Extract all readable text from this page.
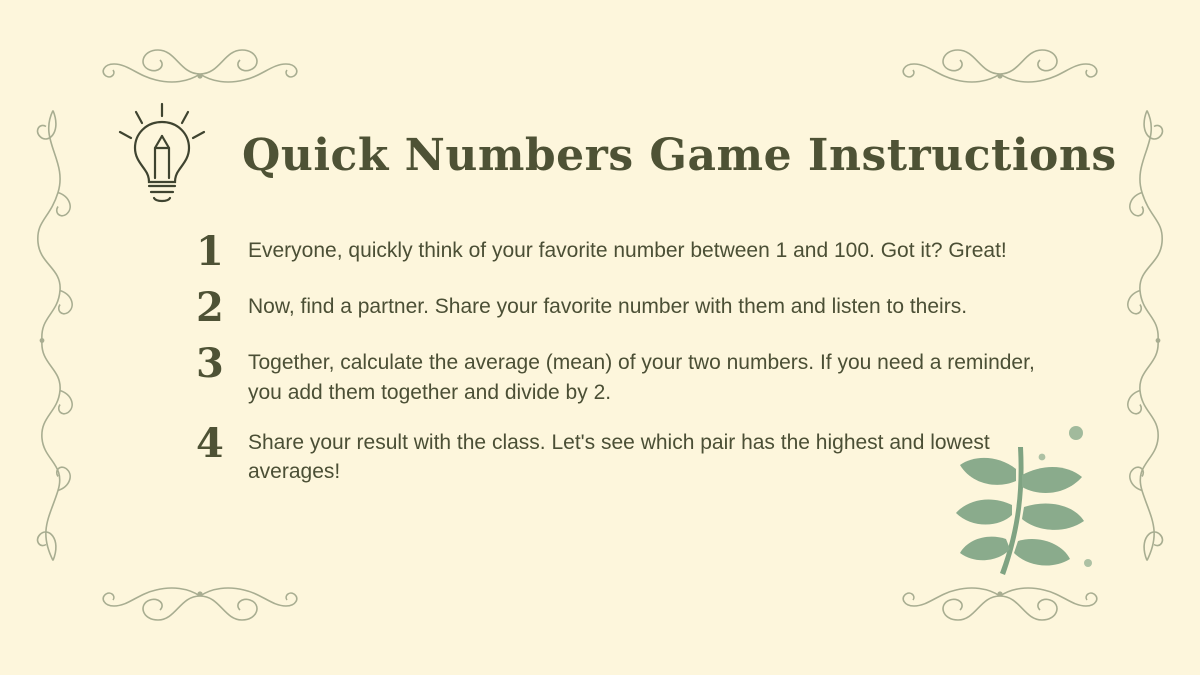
Quick Numbers Game Instructions
1 Everyone, quickly think of your favorite number between 1 and 100. Got it? Great!
2 Now, find a partner. Share your favorite number with them and listen to theirs.
3 Together, calculate the average (mean) of your two numbers. If you need a reminder, you add them together and divide by 2.
4 Share your result with the class. Let's see which pair has the highest and lowest averages!
